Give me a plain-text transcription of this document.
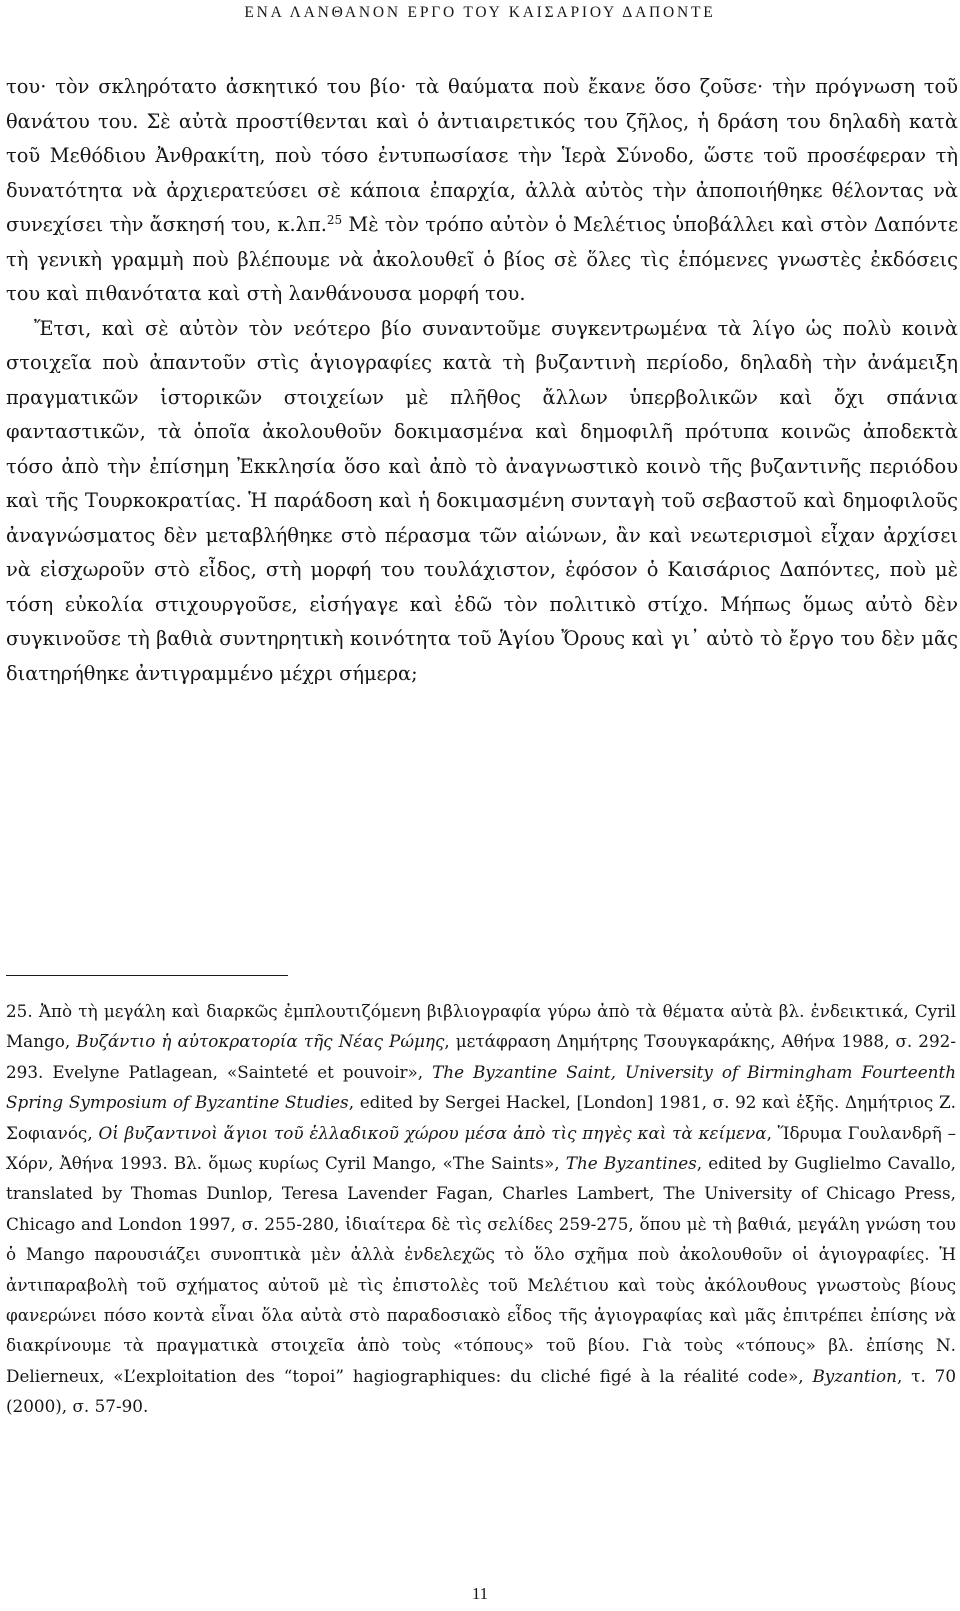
ΕΝΑ ΛΑΝΘΑΝΟΝ ΕΡΓΟ ΤΟΥ ΚΑΙΣΑΡΙΟΥ ΔΑΠΟΝΤΕ

του· τὸν σκληρότατο ἀσκητικό του βίο· τὰ θαύματα ποὺ ἔκανε ὅσο ζοῦσε· τὴν πρόγνωση τοῦ θανάτου του. Σὲ αὐτὰ προστίθενται καὶ ὁ ἀντιαιρετικός του ζῆλος, ἡ δράση του δηλαδὴ κατὰ τοῦ Μεθόδιου Ἀνθρακίτη, ποὺ τόσο ἐντυπωσίασε τὴν Ἱερὰ Σύνοδο, ὥστε τοῦ προσέφεραν τὴ δυνατότητα νὰ ἀρχιερατεύσει σὲ κάποια ἐπαρχία, ἀλλὰ αὐτὸς τὴν ἀποποιήθηκε θέλοντας νὰ συνεχίσει τὴν ἄσκησή του, κ.λπ.$^{25}$ Μὲ τὸν τρόπο αὐτὸν ὁ Μελέτιος ὑποβάλλει καὶ στὸν Δαπόντε τὴ γενικὴ γραμμὴ ποὺ βλέπουμε νὰ ἀκολουθεῖ ὁ βίος σὲ ὅλες τὶς ἑπόμενες γνωστὲς ἐκδόσεις του καὶ πιθανότατα καὶ στὴ λανθάνουσα μορφή του.

Ἔτσι, καὶ σὲ αὐτὸν τὸν νεότερο βίο συναντοῦμε συγκεντρωμένα τὰ λίγο ὡς πολὺ κοινὰ στοιχεῖα ποὺ ἀπαντοῦν στὶς ἁγιογραφίες κατὰ τὴ βυζαντινὴ περίοδο, δηλαδὴ τὴν ἀνάμειξη πραγματικῶν ἱστορικῶν στοιχείων μὲ πλῆθος ἄλλων ὑπερβολικῶν καὶ ὄχι σπάνια φανταστικῶν, τὰ ὁποῖα ἀκολουθοῦν δοκιμασμένα καὶ δημοφιλῆ πρότυπα κοινῶς ἀποδεκτὰ τόσο ἀπὸ τὴν ἐπίσημη Ἐκκλησία ὅσο καὶ ἀπὸ τὸ ἀναγνωστικὸ κοινὸ τῆς βυζαντινῆς περιόδου καὶ τῆς Τουρκοκρατίας. Ἡ παράδοση καὶ ἡ δοκιμασμένη συνταγὴ τοῦ σεβαστοῦ καὶ δημοφιλοῦς ἀναγνώσματος δὲν μεταβλήθηκε στὸ πέρασμα τῶν αἰώνων, ἂν καὶ νεωτερισμοὶ εἶχαν ἀρχίσει νὰ εἰσχωροῦν στὸ εἶδος, στὴ μορφή του τουλάχιστον, ἐφόσον ὁ Καισάριος Δαπόντες, ποὺ μὲ τόση εὐκολία στιχουργοῦσε, εἰσήγαγε καὶ ἐδῶ τὸν πολιτικὸ στίχο. Μήπως ὅμως αὐτὸ δὲν συγκινοῦσε τὴ βαθιὰ συντηρητικὴ κοινότητα τοῦ Ἁγίου Ὄρους καὶ γι᾽ αὐτὸ τὸ ἔργο του δὲν μᾶς διατηρήθηκε ἀντιγραμμένο μέχρι σήμερα;

25. Ἀπὸ τὴ μεγάλη καὶ διαρκῶς ἐμπλουτιζόμενη βιβλιογραφία γύρω ἀπὸ τὰ θέματα αὐτὰ βλ. ἐνδεικτικά, Cyril Mango, Βυζάντιο ἡ αὐτοκρατορία τῆς Νέας Ρώμης, μετάφραση Δημήτρης Τσουγκαράκης, Αθήνα 1988, σ. 292-293. Evelyne Patlagean, «Sainteté et pouvoir», The Byzantine Saint, University of Birmingham Fourteenth Spring Symposium of Byzantine Studies, edited by Sergei Hackel, [London] 1981, σ. 92 καὶ ἑξῆς. Δημήτριος Ζ. Σοφιανός, Οἱ βυζαντινοὶ ἅγιοι τοῦ ἑλλαδικοῦ χώρου μέσα ἀπὸ τὶς πηγὲς καὶ τὰ κείμενα, Ἵδρυμα Γουλανδρῆ – Χόρν, Ἀθήνα 1993. Βλ. ὅμως κυρίως Cyril Mango, «The Saints», The Byzantines, edited by Guglielmo Cavallo, translated by Thomas Dunlop, Teresa Lavender Fagan, Charles Lambert, The University of Chicago Press, Chicago and London 1997, σ. 255-280, ἰδιαίτερα δὲ τὶς σελίδες 259-275, ὅπου μὲ τὴ βαθιά, μεγάλη γνώση του ὁ Mango παρουσιάζει συνοπτικὰ μὲν ἀλλὰ ἐνδελεχῶς τὸ ὅλο σχῆμα ποὺ ἀκολουθοῦν οἱ ἁγιογραφίες. Ἡ ἀντιπαραβολὴ τοῦ σχήματος αὐτοῦ μὲ τὶς ἐπιστολὲς τοῦ Μελέτιου καὶ τοὺς ἀκόλουθους γνωστοὺς βίους φανερώνει πόσο κοντὰ εἶναι ὅλα αὐτὰ στὸ παραδοσιακὸ εἶδος τῆς ἁγιογραφίας καὶ μᾶς ἐπιτρέπει ἐπίσης νὰ διακρίνουμε τὰ πραγματικὰ στοιχεῖα ἀπὸ τοὺς «τόπους» τοῦ βίου. Γιὰ τοὺς «τόπους» βλ. ἐπίσης Ν. Delierneux, «L’exploitation des “topoi” hagiographiques: du cliché figé à la réalité code», Byzantion, τ. 70 (2000), σ. 57-90.

11
